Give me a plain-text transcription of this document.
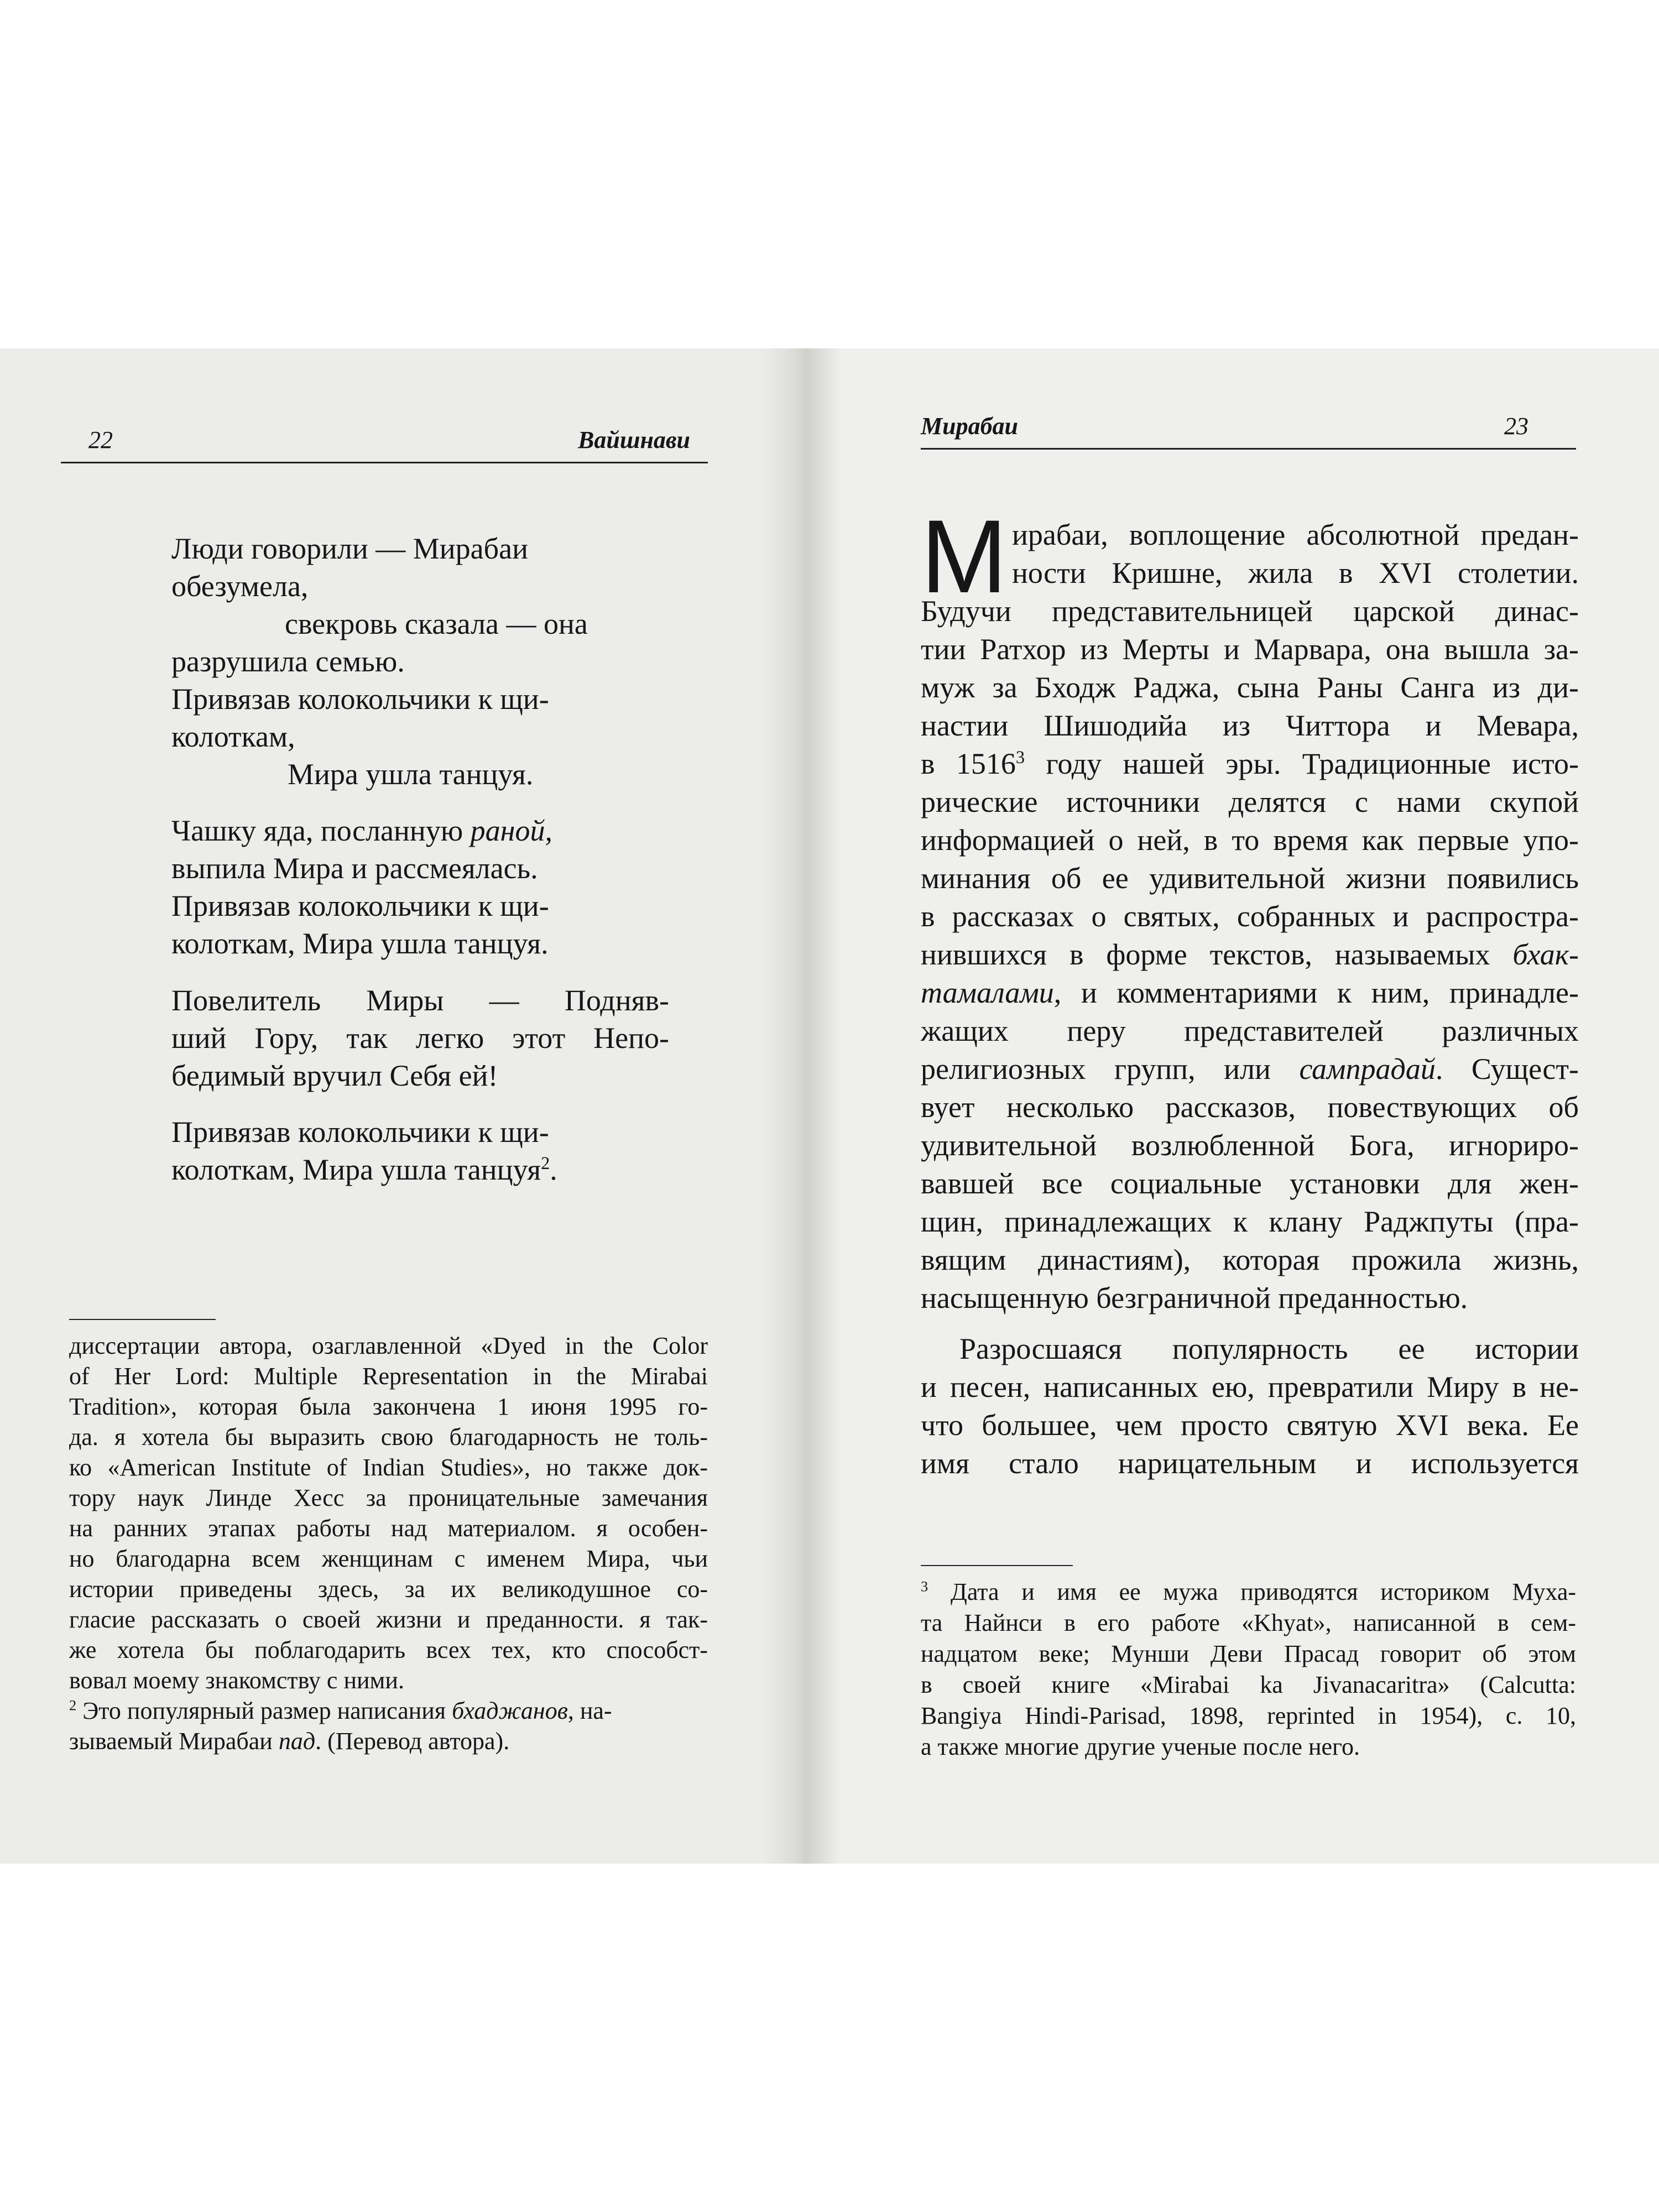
22	Вайшнави
Люди говорили — Мирабаи
обезумела,
свекровь сказала — она
разрушила семью.
Привязав колокольчики к щи-
колоткам,
Мира ушла танцуя.
Чашку яда, посланную раной,
выпила Мира и рассмеялась.
Привязав колокольчики к щи-
колоткам, Мира ушла танцуя.
Повелитель Миры — Подняв-
ший Гору, так легко этот Непо-
бедимый вручил Себя ей!
Привязав колокольчики к щи-
колоткам, Мира ушла танцуя$^2$.
диссертации автора, озаглавленной «Dyed in the Color
of Her Lord: Multiple Representation in the Mirabai
Tradition», которая была закончена 1 июня 1995 го-
да. я хотела бы выразить свою благодарность не толь-
ко «American Institute of Indian Studies», но также док-
тору наук Линде Хесс за проницательные замечания
на ранних этапах работы над материалом. я особен-
но благодарна всем женщинам с именем Мира, чьи
истории приведены здесь, за их великодушное со-
гласие рассказать о своей жизни и преданности. я так-
же хотела бы поблагодарить всех тех, кто способст-
вовал моему знакомству с ними.
$^2$ Это популярный размер написания бхаджанов, на-
зываемый Мирабаи пад. (Перевод автора).
Мирабаи	23
М ирабаи, воплощение абсолютной предан-
ности Кришне, жила в XVI столетии.
Будучи представительницей царской динас-
тии Ратхор из Мерты и Марвара, она вышла за-
муж за Бходж Раджа, сына Раны Санга из ди-
настии Шишодийа из Читтора и Мевара,
в 1516$^3$ году нашей эры. Традиционные исто-
рические источники делятся с нами скупой
информацией о ней, в то время как первые упо-
минания об ее удивительной жизни появились
в рассказах о святых, собранных и распростра-
нившихся в форме текстов, называемых бхак-
тамалами, и комментариями к ним, принадле-
жащих перу представителей различных
религиозных групп, или сампрадай. Сущест-
вует несколько рассказов, повествующих об
удивительной возлюбленной Бога, игнориро-
вавшей все социальные установки для жен-
щин, принадлежащих к клану Раджпуты (пра-
вящим династиям), которая прожила жизнь,
насыщенную безграничной преданностью.
Разросшаяся популярность ее истории
и песен, написанных ею, превратили Миру в не-
что большее, чем просто святую XVI века. Ее
имя стало нарицательным и используется
$^3$ Дата и имя ее мужа приводятся историком Муха-
та Найнси в его работе «Khyat», написанной в сем-
надцатом веке; Мунши Деви Прасад говорит об этом
в своей книге «Mirabai ka Jivanacaritra» (Calcutta:
Bangiya Hindi-Parisad, 1898, reprinted in 1954), с. 10,
а также многие другие ученые после него.
